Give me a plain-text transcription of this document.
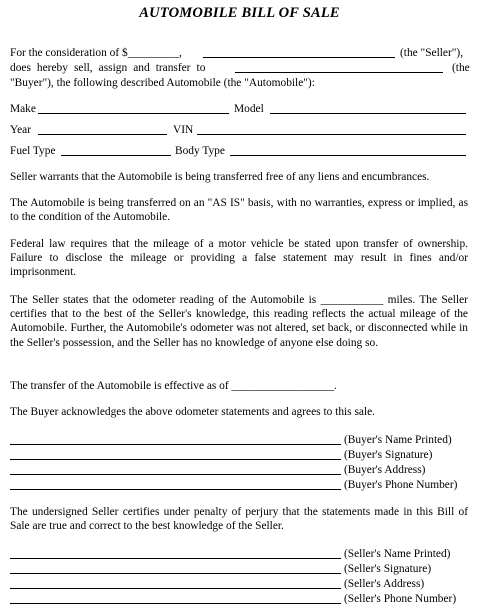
AUTOMOBILE BILL OF SALE
For the consideration of $_________,	(the "Seller"),
does hereby sell, assign and transfer to	(the
"Buyer"), the following described Automobile (the "Automobile"):
Make	Model
Year	VIN
Fuel Type	Body Type
Seller warrants that the Automobile is being transferred free of any liens and encumbrances.
The Automobile is being transferred on an "AS IS" basis, with no warranties, express or implied, as to the condition of the Automobile.
Federal law requires that the mileage of a motor vehicle be stated upon transfer of ownership. Failure to disclose the mileage or providing a false statement may result in fines and/or imprisonment.
The Seller states that the odometer reading of the Automobile is ___________ miles. The Seller certifies that to the best of the Seller's knowledge, this reading reflects the actual mileage of the Automobile. Further, the Automobile's odometer was not altered, set back, or disconnected while in the Seller's possession, and the Seller has no knowledge of anyone else doing so.
The transfer of the Automobile is effective as of __________________.
The Buyer acknowledges the above odometer statements and agrees to this sale.
(Buyer's Name Printed)
(Buyer's Signature)
(Buyer's Address)
(Buyer's Phone Number)
The undersigned Seller certifies under penalty of perjury that the statements made in this Bill of Sale are true and correct to the best knowledge of the Seller.
(Seller's Name Printed)
(Seller's Signature)
(Seller's Address)
(Seller's Phone Number)
